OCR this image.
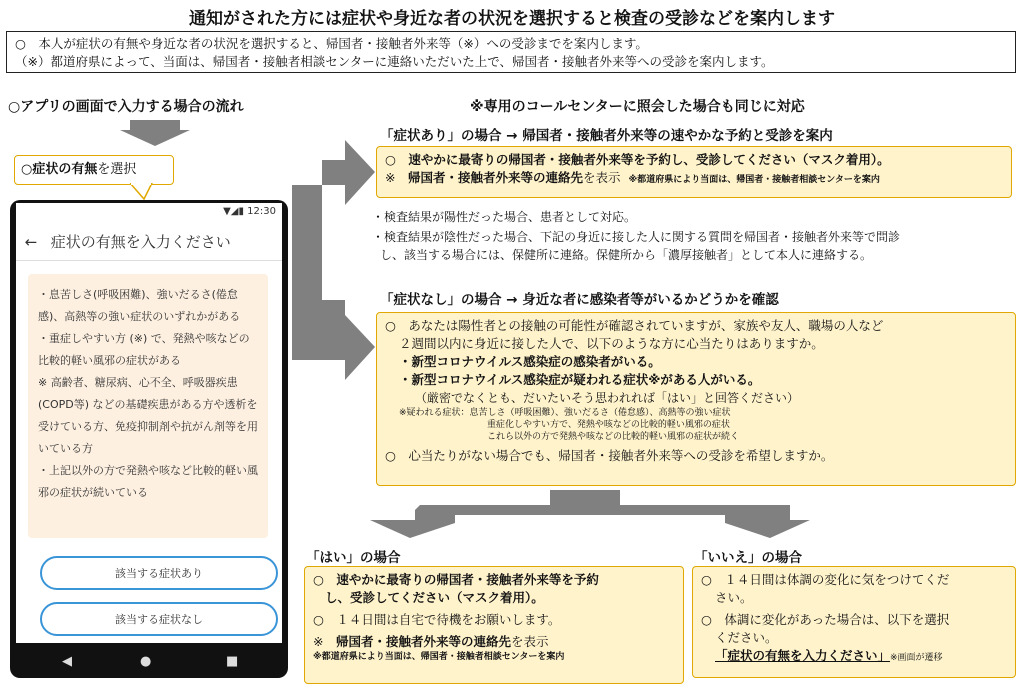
通知がされた方には症状や身近な者の状況を選択すると検査の受診などを案内します
○　本人が症状の有無や身近な者の状況を選択すると、帰国者・接触者外来等（※）への受診までを案内します。
（※）都道府県によって、当面は、帰国者・接触者相談センターに連絡いただいた上で、帰国者・接触者外来等への受診を案内します。
○アプリの画面で入力する場合の流れ	※専用のコールセンターに照会した場合も同じに対応
○症状の有無を選択
▼◢▮ 12:30
← 症状の有無を入力ください
・息苦しさ(呼吸困難)、強いだるさ(倦怠感)、高熱等の強い症状のいずれかがある
・重症しやすい方 (※) で、発熱や咳などの比較的軽い風邪の症状がある
※ 高齢者、糖尿病、心不全、呼吸器疾患(COPD等) などの基礎疾患がある方や透析を受けている方、免疫抑制剤や抗がん剤等を用いている方
・上記以外の方で発熱や咳など比較的軽い風邪の症状が続いている
該当する症状あり
該当する症状なし
◀	●	■
「症状あり」の場合 → 帰国者・接触者外来等の速やかな予約と受診を案内
○　速やかに最寄りの帰国者・接触者外来等を予約し、受診してください（マスク着用）。
※　帰国者・接触者外来等の連絡先を表示 ※都道府県により当面は、帰国者・接触者相談センターを案内
・検査結果が陽性だった場合、患者として対応。
・検査結果が陰性だった場合、下記の身近に接した人に関する質問を帰国者・接触者外来等で問診
し、該当する場合には、保健所に連絡。保健所から「濃厚接触者」として本人に連絡する。
「症状なし」の場合 → 身近な者に感染者等がいるかどうかを確認
○　あなたは陽性者との接触の可能性が確認されていますが、家族や友人、職場の人など
２週間以内に身近に接した人で、以下のような方に心当たりはありますか。
・新型コロナウイルス感染症の感染者がいる。
・新型コロナウイルス感染症が疑われる症状※がある人がいる。
（厳密でなくとも、だいたいそう思われれば「はい」と回答ください）
※疑われる症状：息苦しさ（呼吸困難）、強いだるさ（倦怠感）、高熱等の強い症状
重症化しやすい方で、発熱や咳などの比較的軽い風邪の症状
これら以外の方で発熱や咳などの比較的軽い風邪の症状が続く
○　心当たりがない場合でも、帰国者・接触者外来等への受診を希望しますか。
「はい」の場合
○　速やかに最寄りの帰国者・接触者外来等を予約
し、受診してください（マスク着用）。
○　１４日間は自宅で待機をお願いします。
※　帰国者・接触者外来等の連絡先を表示
※都道府県により当面は、帰国者・接触者相談センターを案内
「いいえ」の場合
○　１４日間は体調の変化に気をつけてくだ
さい。
○　体調に変化があった場合は、以下を選択
ください。
「症状の有無を入力ください」※画面が遷移
